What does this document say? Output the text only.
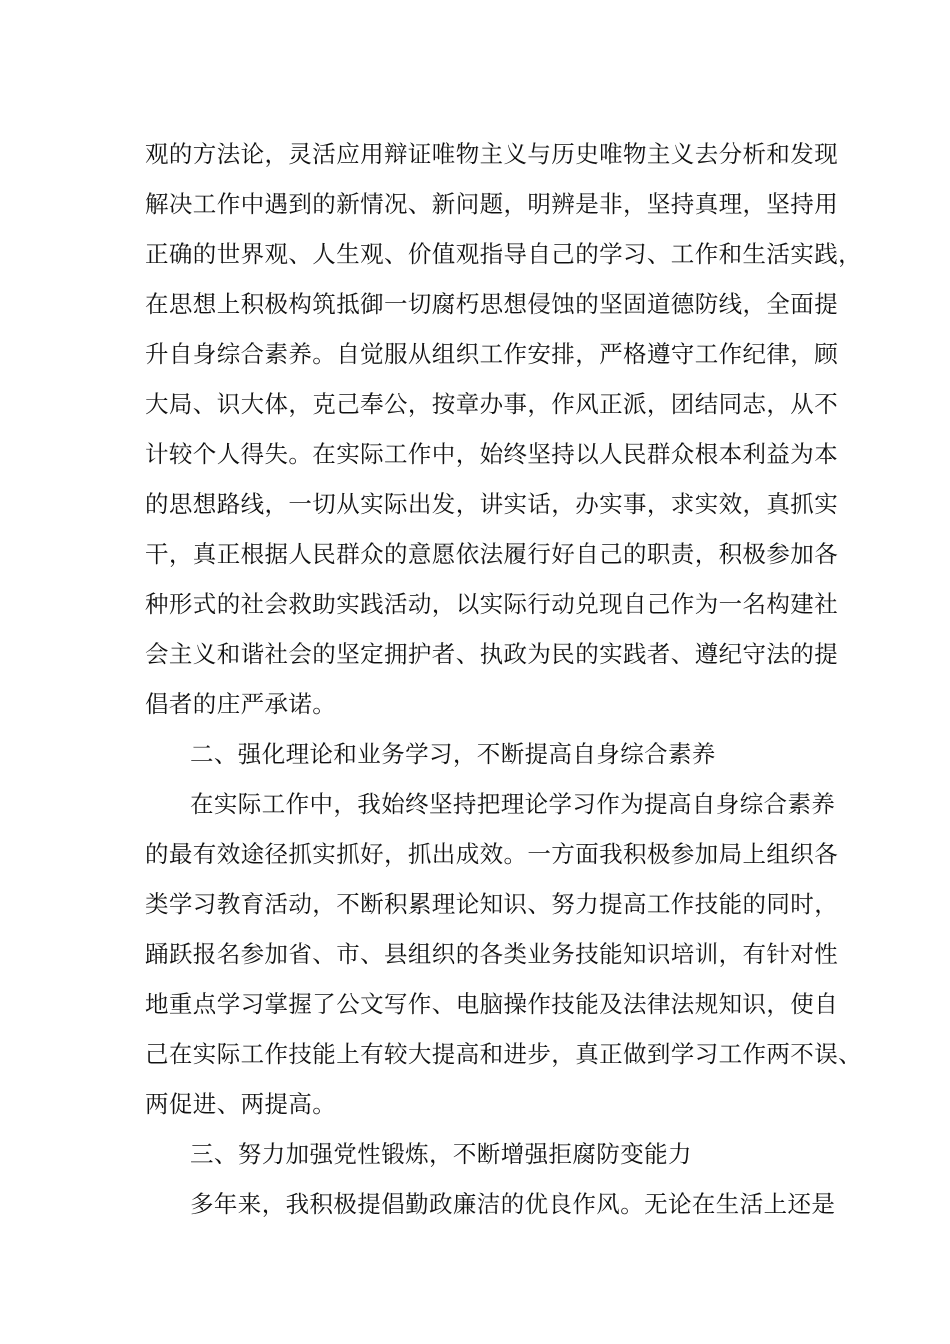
观的方法论，灵活应用辩证唯物主义与历史唯物主义去分析和发现
解决工作中遇到的新情况、新问题，明辨是非，坚持真理，坚持用
正确的世界观、人生观、价值观指导自己的学习、工作和生活实践，
在思想上积极构筑抵御一切腐朽思想侵蚀的坚固道德防线，全面提
升自身综合素养。自觉服从组织工作安排，严格遵守工作纪律，顾
大局、识大体，克己奉公，按章办事，作风正派，团结同志，从不
计较个人得失。在实际工作中，始终坚持以人民群众根本利益为本
的思想路线，一切从实际出发，讲实话，办实事，求实效，真抓实
干，真正根据人民群众的意愿依法履行好自己的职责，积极参加各
种形式的社会救助实践活动，以实际行动兑现自己作为一名构建社
会主义和谐社会的坚定拥护者、执政为民的实践者、遵纪守法的提
倡者的庄严承诺。
二、强化理论和业务学习，不断提高自身综合素养
在实际工作中，我始终坚持把理论学习作为提高自身综合素养
的最有效途径抓实抓好，抓出成效。一方面我积极参加局上组织各
类学习教育活动，不断积累理论知识、努力提高工作技能的同时，
踊跃报名参加省、市、县组织的各类业务技能知识培训，有针对性
地重点学习掌握了公文写作、电脑操作技能及法律法规知识，使自
己在实际工作技能上有较大提高和进步，真正做到学习工作两不误、
两促进、两提高。
三、努力加强党性锻炼，不断增强拒腐防变能力
多年来，我积极提倡勤政廉洁的优良作风。无论在生活上还是
